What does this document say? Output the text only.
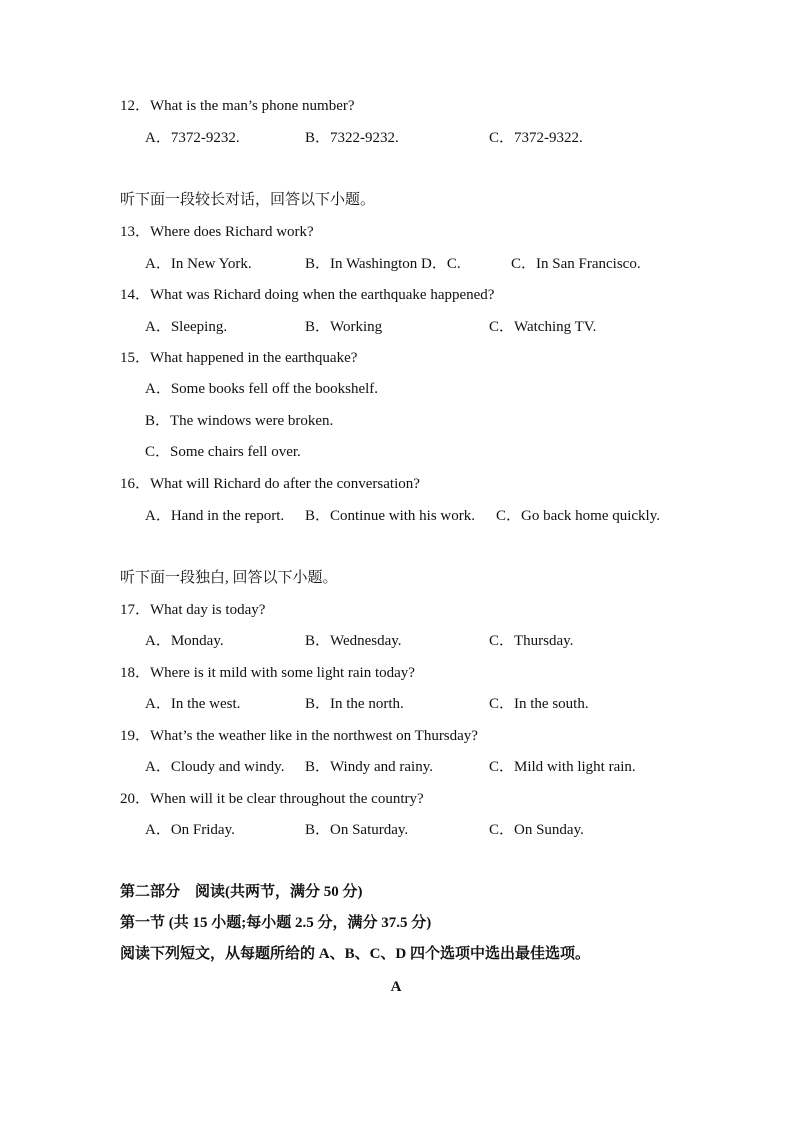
12．What is the man’s phone number?
A．7372-9232.	B．7322-9232.	C．7372-9322.
听下面一段较长对话，回答以下小题。
13．Where does Richard work?
A．In New York.	B．In Washington D．C.	C．In San Francisco.
14．What was Richard doing when the earthquake happened?
A．Sleeping.	B．Working	C．Watching TV.
15．What happened in the earthquake?
A．Some books fell off the bookshelf.
B．The windows were broken.
C．Some chairs fell over.
16．What will Richard do after the conversation?
A．Hand in the report. B．Continue with his work. C．Go back home quickly.
听下面一段独白, 回答以下小题。
17．What day is today?
A．Monday.	B．Wednesday.	C．Thursday.
18．Where is it mild with some light rain today?
A．In the west.	B．In the north.	C．In the south.
19．What’s the weather like in the northwest on Thursday?
A．Cloudy and windy. B．Windy and rainy.	C．Mild with light rain.
20．When will it be clear throughout the country?
A．On Friday.	B．On Saturday.	C．On Sunday.
第二部分　阅读(共两节，满分 50 分)
第一节 (共 15 小题;每小题 2.5 分，满分 37.5 分)
阅读下列短文，从每题所给的 A、B、C、D 四个选项中选出最佳选项。
A
